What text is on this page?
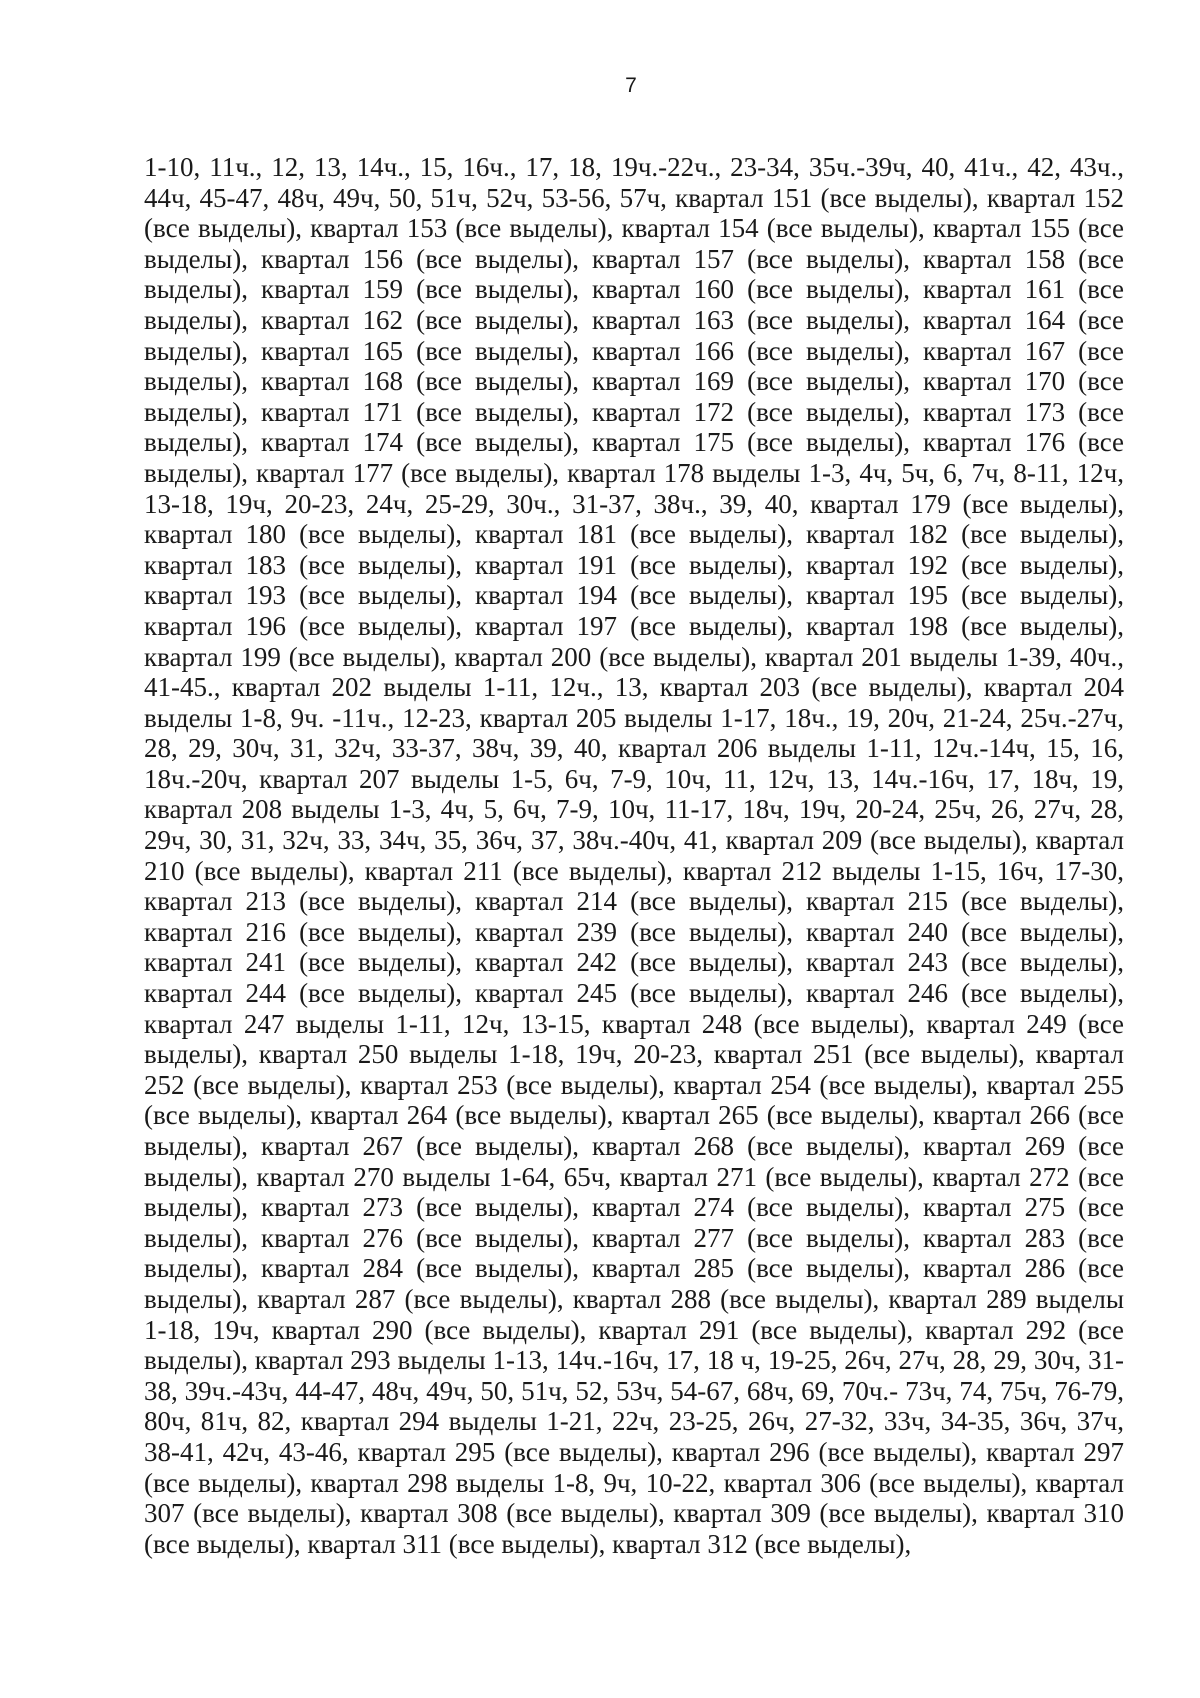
7

1-10, 11ч., 12, 13, 14ч., 15, 16ч., 17, 18, 19ч.-22ч., 23-34, 35ч.-39ч, 40, 41ч., 42, 43ч., 44ч, 45-47, 48ч, 49ч, 50, 51ч, 52ч, 53-56, 57ч, квартал 151 (все выделы), квартал 152 (все выделы), квартал 153 (все выделы), квартал 154 (все выделы), квартал 155 (все выделы), квартал 156 (все выделы), квартал 157 (все выделы), квартал 158 (все выделы), квартал 159 (все выделы), квартал 160 (все выделы), квартал 161 (все выделы), квартал 162 (все выделы), квартал 163 (все выделы), квартал 164 (все выделы), квартал 165 (все выделы), квартал 166 (все выделы), квартал 167 (все выделы), квартал 168 (все выделы), квартал 169 (все выделы), квартал 170 (все выделы), квартал 171 (все выделы), квартал 172 (все выделы), квартал 173 (все выделы), квартал 174 (все выделы), квартал 175 (все выделы), квартал 176 (все выделы), квартал 177 (все выделы), квартал 178 выделы 1-3, 4ч, 5ч, 6, 7ч, 8-11, 12ч, 13-18, 19ч, 20-23, 24ч, 25-29, 30ч., 31-37, 38ч., 39, 40, квартал 179 (все выделы), квартал 180 (все выделы), квартал 181 (все выделы), квартал 182 (все выделы), квартал 183 (все выделы), квартал 191 (все выделы), квартал 192 (все выделы), квартал 193 (все выделы), квартал 194 (все выделы), квартал 195 (все выделы), квартал 196 (все выделы), квартал 197 (все выделы), квартал 198 (все выделы), квартал 199 (все выделы), квартал 200 (все выделы), квартал 201 выделы 1-39, 40ч., 41-45., квартал 202 выделы 1-11, 12ч., 13, квартал 203 (все выделы), квартал 204 выделы 1-8, 9ч. -11ч., 12-23, квартал 205 выделы 1-17, 18ч., 19, 20ч, 21-24, 25ч.-27ч, 28, 29, 30ч, 31, 32ч, 33-37, 38ч, 39, 40, квартал 206 выделы 1-11, 12ч.-14ч, 15, 16, 18ч.-20ч, квартал 207 выделы 1-5, 6ч, 7-9, 10ч, 11, 12ч, 13, 14ч.-16ч, 17, 18ч, 19, квартал 208 выделы 1-3, 4ч, 5, 6ч, 7-9, 10ч, 11-17, 18ч, 19ч, 20-24, 25ч, 26, 27ч, 28, 29ч, 30, 31, 32ч, 33, 34ч, 35, 36ч, 37, 38ч.-40ч, 41, квартал 209 (все выделы), квартал 210 (все выделы), квартал 211 (все выделы), квартал 212 выделы 1-15, 16ч, 17-30, квартал 213 (все выделы), квартал 214 (все выделы), квартал 215 (все выделы), квартал 216 (все выделы), квартал 239 (все выделы), квартал 240 (все выделы), квартал 241 (все выделы), квартал 242 (все выделы), квартал 243 (все выделы), квартал 244 (все выделы), квартал 245 (все выделы), квартал 246 (все выделы), квартал 247 выделы 1-11, 12ч, 13-15, квартал 248 (все выделы), квартал 249 (все выделы), квартал 250 выделы 1-18, 19ч, 20-23, квартал 251 (все выделы), квартал 252 (все выделы), квартал 253 (все выделы), квартал 254 (все выделы), квартал 255 (все выделы), квартал 264 (все выделы), квартал 265 (все выделы), квартал 266 (все выделы), квартал 267 (все выделы), квартал 268 (все выделы), квартал 269 (все выделы), квартал 270 выделы 1-64, 65ч, квартал 271 (все выделы), квартал 272 (все выделы), квартал 273 (все выделы), квартал 274 (все выделы), квартал 275 (все выделы), квартал 276 (все выделы), квартал 277 (все выделы), квартал 283 (все выделы), квартал 284 (все выделы), квартал 285 (все выделы), квартал 286 (все выделы), квартал 287 (все выделы), квартал 288 (все выделы), квартал 289 выделы 1-18, 19ч, квартал 290 (все выделы), квартал 291 (все выделы), квартал 292 (все выделы), квартал 293 выделы 1-13, 14ч.-16ч, 17, 18 ч, 19-25, 26ч, 27ч, 28, 29, 30ч, 31-38, 39ч.-43ч, 44-47, 48ч, 49ч, 50, 51ч, 52, 53ч, 54-67, 68ч, 69, 70ч.- 73ч, 74, 75ч, 76-79, 80ч, 81ч, 82, квартал 294 выделы 1-21, 22ч, 23-25, 26ч, 27-32, 33ч, 34-35, 36ч, 37ч, 38-41, 42ч, 43-46, квартал 295 (все выделы), квартал 296 (все выделы), квартал 297 (все выделы), квартал 298 выделы 1-8, 9ч, 10-22, квартал 306 (все выделы), квартал 307 (все выделы), квартал 308 (все выделы), квартал 309 (все выделы), квартал 310 (все выделы), квартал 311 (все выделы), квартал 312 (все выделы),
